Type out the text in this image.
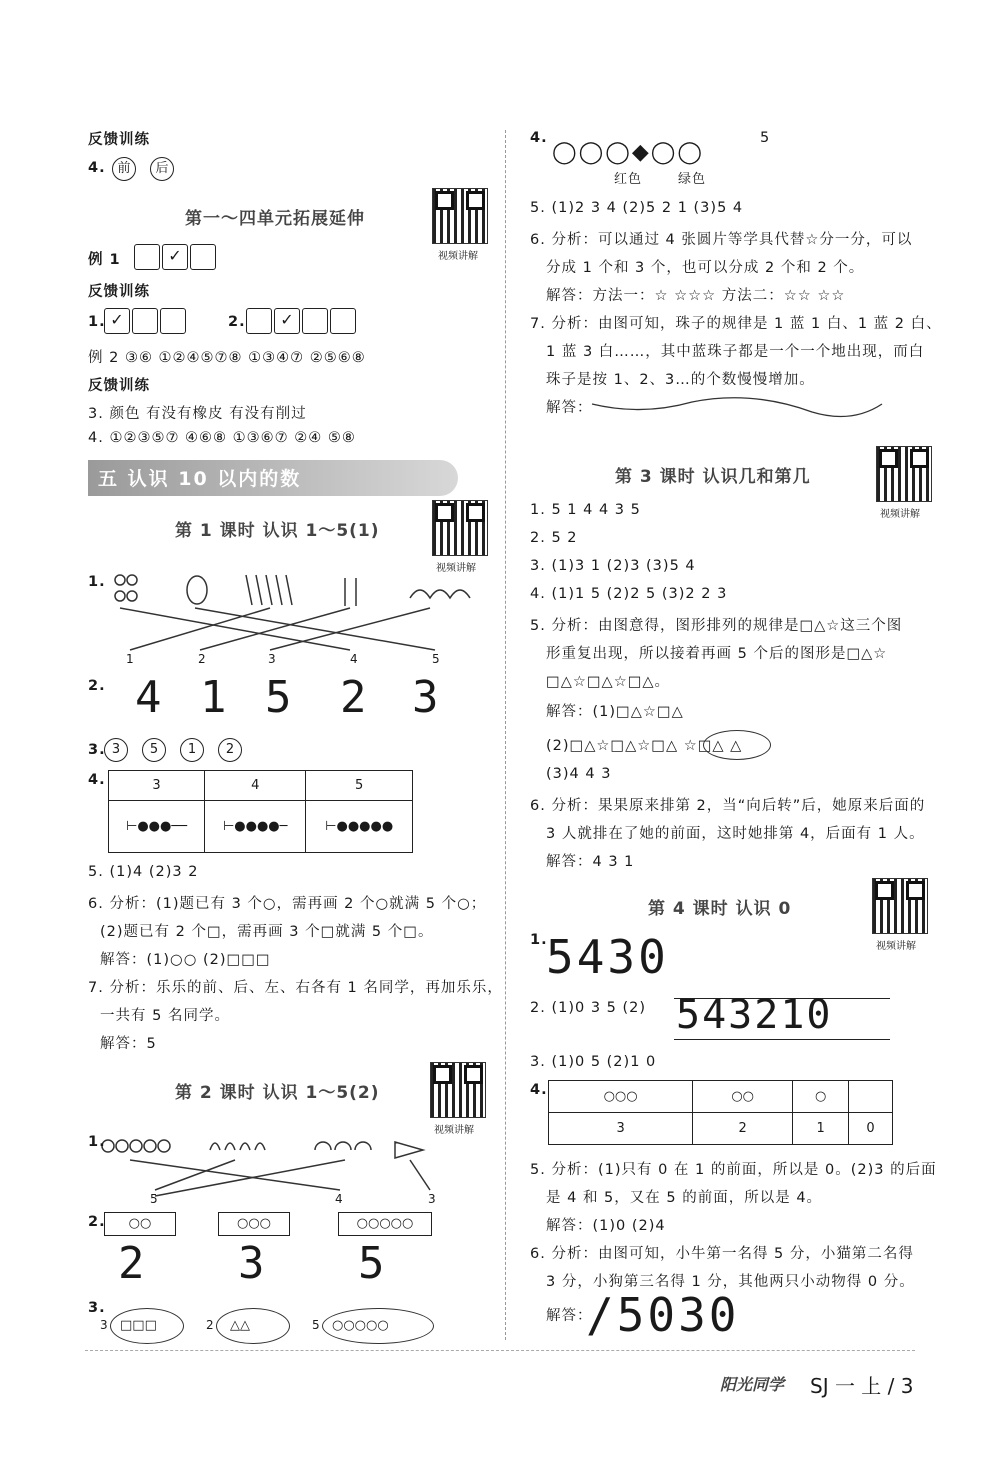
反馈训练
4. 前 后
第一～四单元拓展延伸
视频讲解
例 1	✓
反馈训练
1. ✓	2.	✓
例 2 ③⑥ ①②④⑤⑦⑧ ①③④⑦ ②⑤⑥⑧
反馈训练
3. 颜色 有没有橡皮 有没有削过
4. ①②③⑤⑦ ④⑥⑧ ①③⑥⑦ ②④ ⑤⑧
五 认识 10 以内的数
第 1 课时 认识 1～5(1)
视频讲解
1.
1	2	3	4	5
2. 4 1 5 2 3
3. 3 5 1 2
4.	3	4	5
⊢●●●──	⊢●●●●─	⊢●●●●●
5. (1)4 (2)3 2
6. 分析：(1)题已有 3 个○，需再画 2 个○就满 5 个○；
(2)题已有 2 个□，需再画 3 个□就满 5 个□。
解答：(1)○○ (2)□□□
7. 分析：乐乐的前、后、左、右各有 1 名同学，再加乐乐，
一共有 5 名同学。
解答：5
第 2 课时 认识 1～5(2)
视频讲解
1.
5	4	3
2.	○○	○○○	○○○○○
2 3 5
3.
3 □□□	2 △△	5 ○○○○○
4.
◯◯◯◆◯◯
5
红色	绿色
5. (1)2 3 4 (2)5 2 1 (3)5 4
6. 分析：可以通过 4 张圆片等学具代替☆分一分，可以
分成 1 个和 3 个，也可以分成 2 个和 2 个。
解答：方法一：☆ ☆☆☆ 方法二：☆☆ ☆☆
7. 分析：由图可知，珠子的规律是 1 蓝 1 白、1 蓝 2 白、
1 蓝 3 白……，其中蓝珠子都是一个一个地出现，而白
珠子是按 1、2、3…的个数慢慢增加。
解答：
第 3 课时 认识几和第几
视频讲解
1. 5 1 4 4 3 5
2. 5 2
3. (1)3 1 (2)3 (3)5 4
4. (1)1 5 (2)2 5 (3)2 2 3
5. 分析：由图意得，图形排列的规律是□△☆这三个图
形重复出现，所以接着再画 5 个后的图形是□△☆
□△☆□△☆□△。
解答：(1)□△☆□△
(2)□△☆□△☆□△ ☆□△ △
(3)4 4 3
6. 分析：果果原来排第 2，当“向后转”后，她原来后面的
3 人就排在了她的前面，这时她排第 4，后面有 1 人。
解答：4 3 1
第 4 课时 认识 0
视频讲解
1.
5430
2. (1)0 3 5 (2) 543210
3. (1)0 5 (2)1 0
4.	○○○	○○	○	
3	2	1	0
5. 分析：(1)只有 0 在 1 的前面，所以是 0。(2)3 的后面
是 4 和 5，又在 5 的前面，所以是 4。
解答：(1)0 (2)4
6. 分析：由图可知，小牛第一名得 5 分，小猫第二名得
3 分，小狗第三名得 1 分，其他两只小动物得 0 分。
解答：
/5030
阳光同学 SJ 一 上 / 3
